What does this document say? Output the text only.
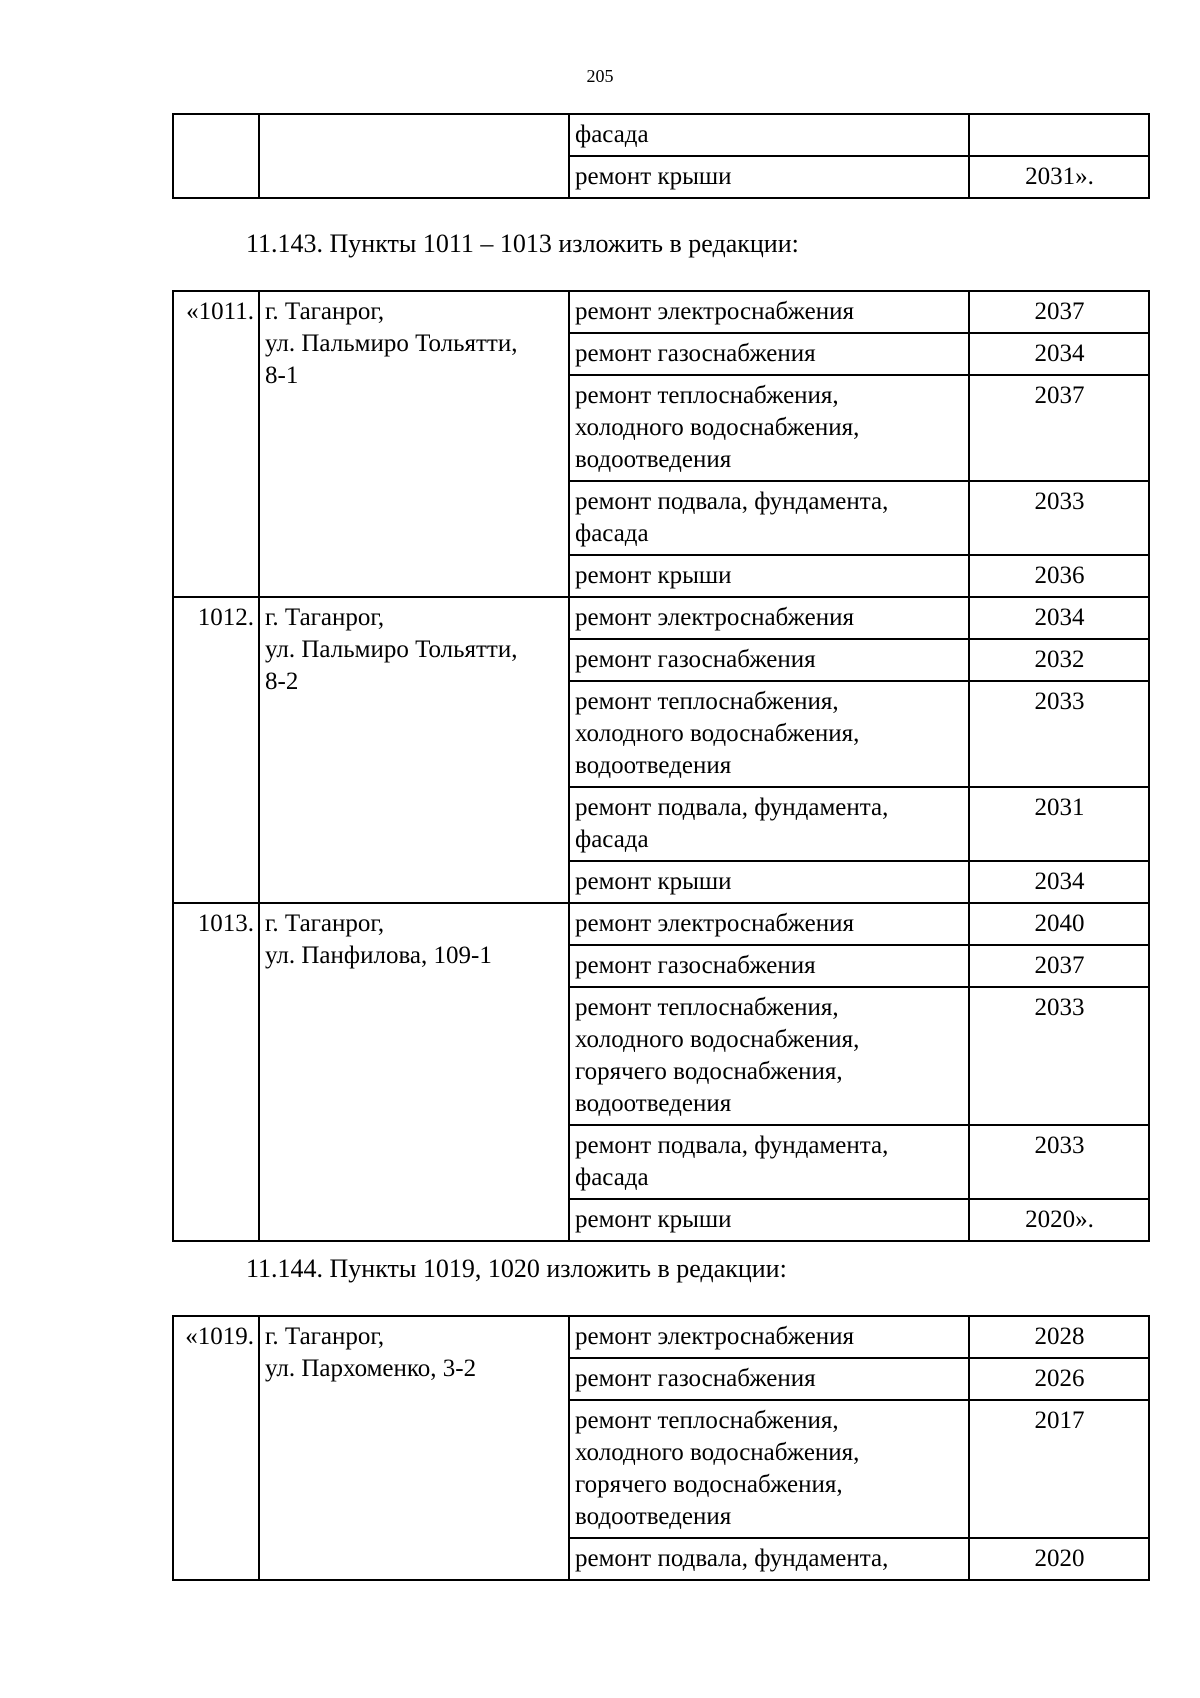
205
		фасада	
		ремонт крыши	2031».
11.143. Пункты 1011 – 1013 изложить в редакции:
«1011.	г. Таганрог,
ул. Пальмиро Тольятти,
8-1	ремонт электроснабжения	2037

		ремонт газоснабжения	2034

		ремонт теплоснабжения,
холодного водоснабжения,
водоотведения	2037

		ремонт подвала, фундамента,
фасада	2033

		ремонт крыши	2036
1012.	г. Таганрог,
ул. Пальмиро Тольятти,
8-2	ремонт электроснабжения	2034

		ремонт газоснабжения	2032

		ремонт теплоснабжения,
холодного водоснабжения,
водоотведения	2033

		ремонт подвала, фундамента,
фасада	2031

		ремонт крыши	2034
1013.	г. Таганрог,
ул. Панфилова, 109-1	ремонт электроснабжения	2040

		ремонт газоснабжения	2037

		ремонт теплоснабжения,
холодного водоснабжения,
горячего водоснабжения,
водоотведения	2033

		ремонт подвала, фундамента,
фасада	2033

		ремонт крыши	2020».
11.144. Пункты 1019, 1020 изложить в редакции:
«1019.	г. Таганрог,
ул. Пархоменко, 3-2	ремонт электроснабжения	2028

		ремонт газоснабжения	2026

		ремонт теплоснабжения,
холодного водоснабжения,
горячего водоснабжения,
водоотведения	2017

		ремонт подвала, фундамента,	2020
